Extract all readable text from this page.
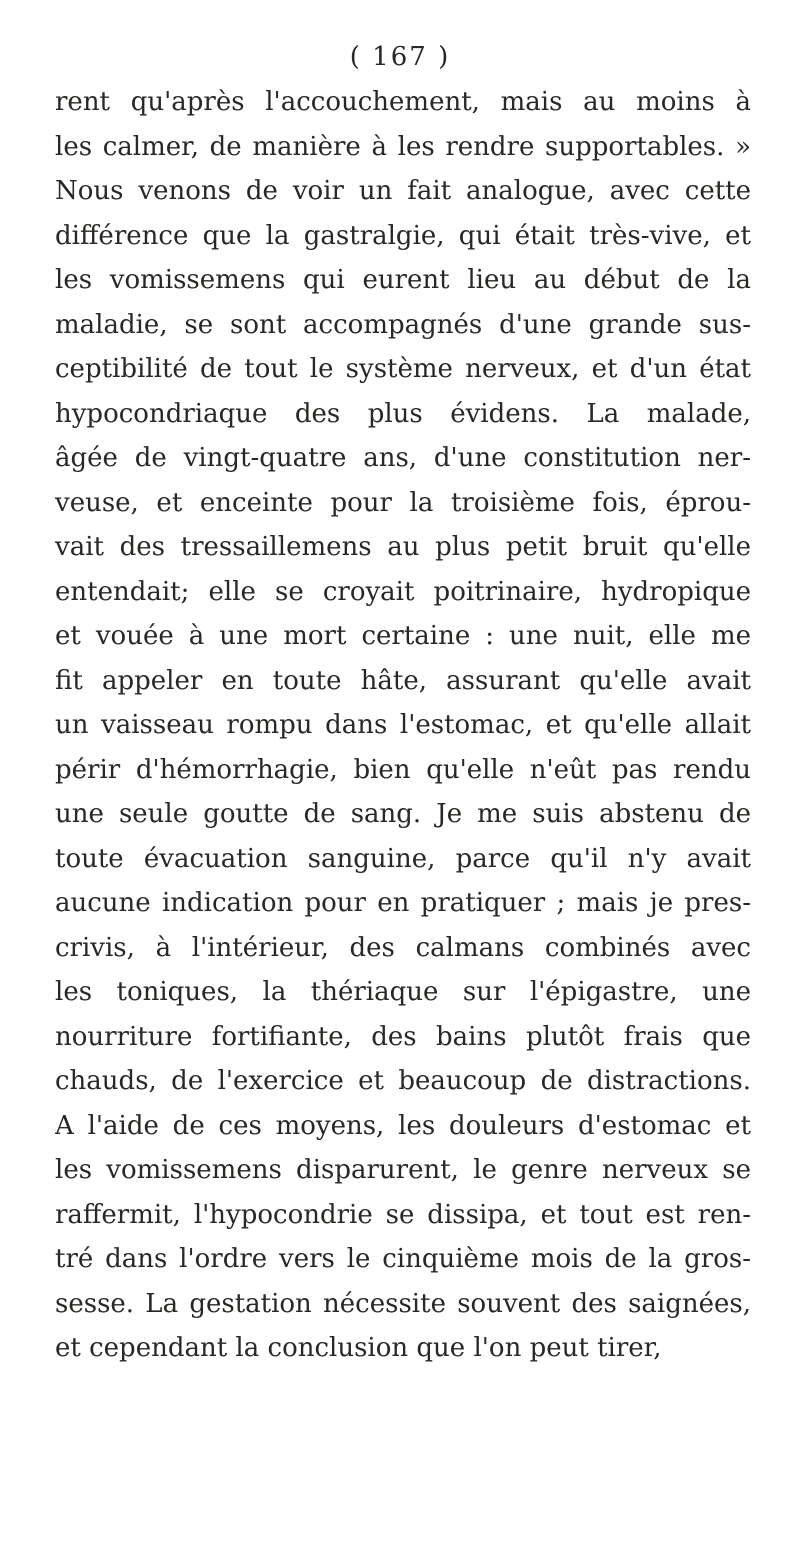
( 167 )
rent qu'après l'accouchement, mais au moins à
les calmer, de manière à les rendre supportables. »
Nous venons de voir un fait analogue, avec cette
différence que la gastralgie, qui était très-vive, et
les vomissemens qui eurent lieu au début de la
maladie, se sont accompagnés d'une grande sus-
ceptibilité de tout le système nerveux, et d'un état
hypocondriaque des plus évidens. La malade,
âgée de vingt-quatre ans, d'une constitution ner-
veuse, et enceinte pour la troisième fois, éprou-
vait des tressaillemens au plus petit bruit qu'elle
entendait; elle se croyait poitrinaire, hydropique
et vouée à une mort certaine : une nuit, elle me
fit appeler en toute hâte, assurant qu'elle avait
un vaisseau rompu dans l'estomac, et qu'elle allait
périr d'hémorrhagie, bien qu'elle n'eût pas rendu
une seule goutte de sang. Je me suis abstenu de
toute évacuation sanguine, parce qu'il n'y avait
aucune indication pour en pratiquer ; mais je pres-
crivis, à l'intérieur, des calmans combinés avec
les toniques, la thériaque sur l'épigastre, une
nourriture fortifiante, des bains plutôt frais que
chauds, de l'exercice et beaucoup de distractions.
A l'aide de ces moyens, les douleurs d'estomac et
les vomissemens disparurent, le genre nerveux se
raffermit, l'hypocondrie se dissipa, et tout est ren-
tré dans l'ordre vers le cinquième mois de la gros-
sesse. La gestation nécessite souvent des saignées,
et cependant la conclusion que l'on peut tirer,
